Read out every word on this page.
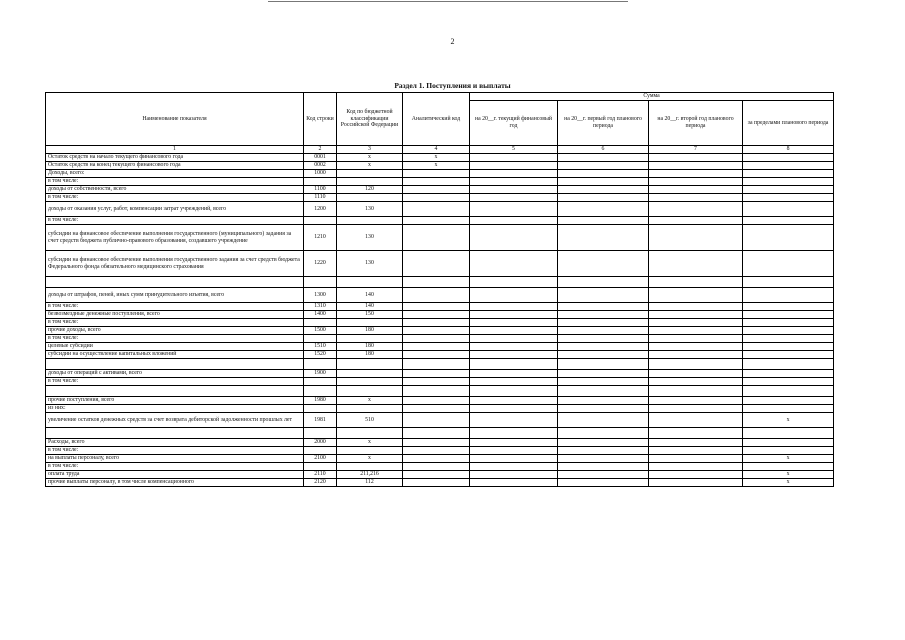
2
Раздел 1. Поступления и выплаты
Наименование показателя	Код строки	Код по бюджетной классификации Российской Федерации	Аналитический код	Сумма			
				на 20__г. текущий финансовый год	на 20__г. первый год планового периода	на 20__г. второй год планового периода	за пределами планового периода
1	2	3	4	5	6	7	8
Остаток средств на начало текущего финансового года	0001	x	x				
Остаток средств на конец текущего финансового года	0002	x	x				
Доходы, всего:	1000						
в том числе:							
доходы от собственности, всего	1100	120					
в том числе:	1110						
доходы от оказания услуг, работ, компенсации затрат учреждений, всего	1200	130					
в том числе:							
субсидии на финансовое обеспечение выполнения государственного (муниципального) задания за счет средств бюджета публично-правового образования, создавшего учреждение	1210	130					
субсидии на финансовое обеспечение выполнения государственного задания за счет средств бюджета Федерального фонда обязательного медицинского страхования	1220	130					

доходы от штрафов, пеней, иных сумм принудительного изъятия, всего	1300	140					
в том числе:	1310	140					
безвозмездные денежные поступления, всего	1400	150					
в том числе:							
прочие доходы, всего	1500	180					
в том числе:							
целевые субсидии	1510	180					
субсидии на осуществление капитальных вложений	1520	180					

доходы от операций с активами, всего	1900						
в том числе:							

прочие поступления, всего	1980	x					
из них:							
увеличение остатков денежных средств за счет возврата дебиторской задолженности прошлых лет	1981	510					x

Расходы, всего	2000	x					
в том числе:							
на выплаты персоналу, всего	2100	x					x
в том числе:							
оплата труда	2110	211,216					x
прочие выплаты персоналу, в том числе компенсационного	2120	112					x
